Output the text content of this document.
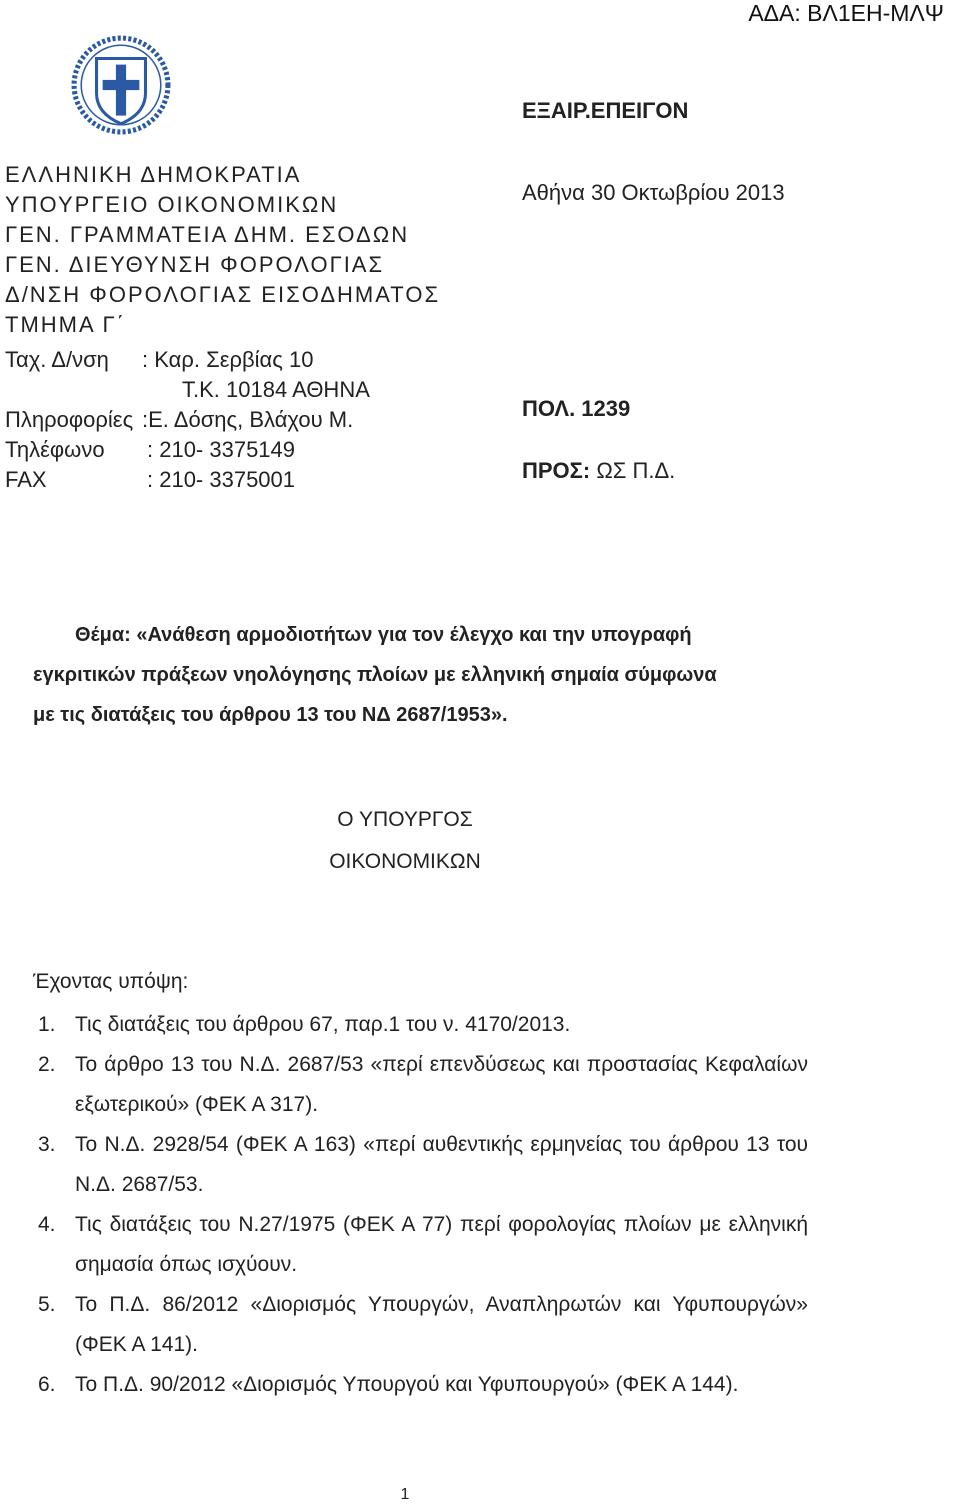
ΑΔΑ: ΒΛ1ΕΗ-ΜΛΨ
ΕΞΑΙΡ.ΕΠΕΙΓΟΝ
ΕΛΛΗΝΙΚΗ ΔΗΜΟΚΡΑΤΙΑ
ΥΠΟΥΡΓΕΙΟ ΟΙΚΟΝΟΜΙΚΩΝ
ΓΕΝ. ΓΡΑΜΜΑΤΕΙΑ ΔΗΜ. ΕΣΟΔΩΝ
ΓΕΝ. ΔΙΕΥΘΥΝΣΗ ΦΟΡΟΛΟΓΙΑΣ
Δ/ΝΣΗ ΦΟΡΟΛΟΓΙΑΣ ΕΙΣΟΔΗΜΑΤΟΣ
ΤΜΗΜΑ Γ΄
Ταχ. Δ/νση : Καρ. Σερβίας 10
Τ.Κ. 10184 ΑΘΗΝΑ
Πληροφορίες :Ε. Δόσης, Βλάχου Μ.
Τηλέφωνο : 210- 3375149
FAX	: 210- 3375001
Αθήνα 30 Οκτωβρίου 2013
ΠΟΛ. 1239
ΠΡΟΣ: ΩΣ Π.Δ.
Θέμα: «Ανάθεση αρμοδιοτήτων για τον έλεγχο και την υπογραφή
εγκριτικών πράξεων νηολόγησης πλοίων με ελληνική σημαία σύμφωνα
με τις διατάξεις του άρθρου 13 του ΝΔ 2687/1953».
Ο ΥΠΟΥΡΓΟΣ
ΟΙΚΟΝΟΜΙΚΩΝ
Έχοντας υπόψη:
1. Τις διατάξεις του άρθρου 67, παρ.1 του ν. 4170/2013.
2. Το άρθρο 13 του Ν.Δ. 2687/53 «περί επενδύσεως και προστασίας Κεφαλαίων εξωτερικού» (ΦΕΚ Α 317).
3. Το Ν.Δ. 2928/54 (ΦΕΚ Α 163) «περί αυθεντικής ερμηνείας του άρθρου 13 του Ν.Δ. 2687/53.
4. Τις διατάξεις του Ν.27/1975 (ΦΕΚ Α 77) περί φορολογίας πλοίων με ελληνική σημασία όπως ισχύουν.
5. Το Π.Δ. 86/2012 «Διορισμός Υπουργών, Αναπληρωτών και Υφυπουργών» (ΦΕΚ Α 141).
6. Το Π.Δ. 90/2012 «Διορισμός Υπουργού και Υφυπουργού» (ΦΕΚ Α 144).
1
